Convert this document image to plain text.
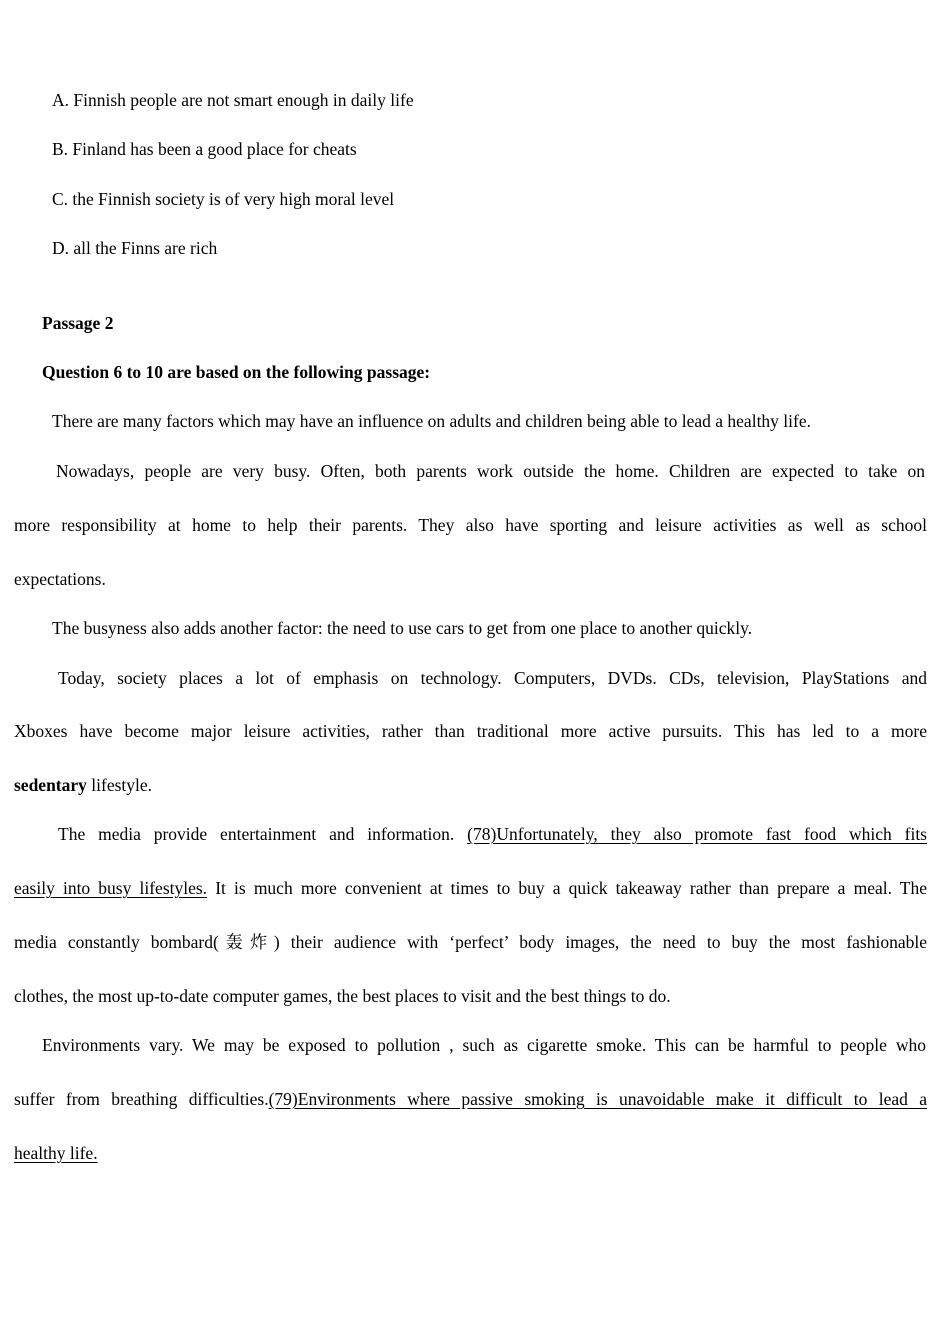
A. Finnish people are not smart enough in daily life
B. Finland has been a good place for cheats
C. the Finnish society is of very high moral level
D. all the Finns are rich
Passage 2
Question 6 to 10 are based on the following passage:
There are many factors which may have an influence on adults and children being able to lead a healthy life.
Nowadays, people are very busy. Often, both parents work outside the home. Children are expected to take on
more responsibility at home to help their parents. They also have sporting and leisure activities as well as school
expectations.
The busyness also adds another factor: the need to use cars to get from one place to another quickly.
Today, society places a lot of emphasis on technology. Computers, DVDs. CDs, television, PlayStations and
Xboxes have become major leisure activities, rather than traditional more active pursuits. This has led to a more
sedentary lifestyle.
The media provide entertainment and information. (78)Unfortunately, they also promote fast food which fits
easily into busy lifestyles. It is much more convenient at times to buy a quick takeaway rather than prepare a meal. The
media constantly bombard(轰炸) their audience with ‘perfect’ body images, the need to buy the most fashionable
clothes, the most up-to-date computer games, the best places to visit and the best things to do.
Environments vary. We may be exposed to pollution , such as cigarette smoke. This can be harmful to people who
suffer from breathing difficulties.(79)Environments where passive smoking is unavoidable make it difficult to lead a
healthy life.
